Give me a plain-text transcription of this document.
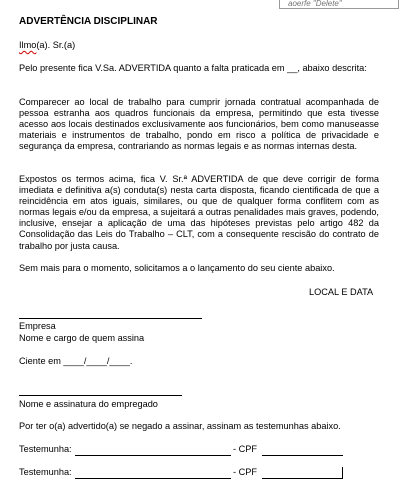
aoerfe "Delete"

ADVERTÊNCIA DISCIPLINAR

Ilmo(a). Sr.(a)

Pelo presente fica V.Sa. ADVERTIDA quanto a falta praticada em __, abaixo descrita:

Comparecer ao local de trabalho para cumprir jornada contratual acompanhada de pessoa estranha aos quadros funcionais da empresa, permitindo que esta tivesse acesso aos locais destinados exclusivamente aos funcionários, bem como manuseasse materiais e instrumentos de trabalho, pondo em risco a política de privacidade e segurança da empresa, contrariando as normas legais e as normas internas desta.

Expostos os termos acima, fica V. Sr.ª ADVERTIDA de que deve corrigir de forma imediata e definitiva a(s) conduta(s) nesta carta disposta, ficando cientificada de que a reincidência em atos iguais, similares, ou que de qualquer forma conflitem com as normas legais e/ou da empresa, a sujeitará a outras penalidades mais graves, podendo, inclusive, ensejar a aplicação de uma das hipóteses previstas pelo artigo 482 da Consolidação das Leis do Trabalho – CLT, com a consequente rescisão do contrato de trabalho por justa causa.

Sem mais para o momento, solicitamos a o lançamento do seu ciente abaixo.

LOCAL E DATA
Empresa
Nome e cargo de quem assina
Ciente em ____/____/____.
Nome e assinatura do empregado
Por ter o(a) advertido(a) se negado a assinar, assinam as testemunhas abaixo.
Testemunha:	- CPF
Testemunha:	- CPF
